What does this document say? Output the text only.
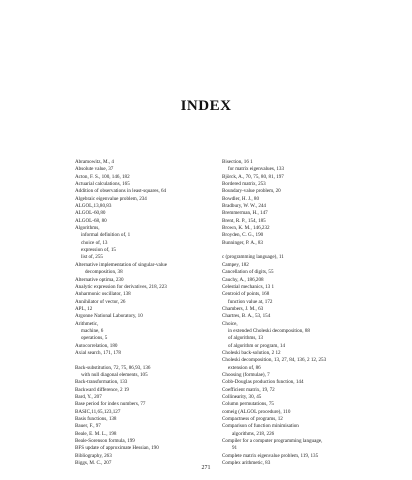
INDEX
Abramowitz, M., 4
Absolute value, 37
Acton, F. S., 100, 146, 182
Actuarial calculations, 165
Addition of observations in least-squares, 64
Algebraic eigenvalue problem, 234
ALGOL,13,80,83
ALGOL-60,80
ALGOL-68, 80
Algorithms,
informal definition of, 1
choice of, 13
expression of, 15
list of, 255
Alternative implementation of singular-value
decomposition, 38
Alternative optima, 230
Analytic expression for derivatives, 218, 223
Anharmonic oscillator, 138
Annihilator of vector, 26
APL, 12
Argonne National Laboratory, 10
Arithmetic,
machine, 6
operations, 5
Autocorrelation, 180
Axial search, 171, 178
Back-substitution, 72, 75, 86,93, 136
with null diagonal elements, 105
Back-transformation, 133
Backward difference, 2 19
Bard, Y., 207
Base period for index numbers, 77
BASIC,11,65,123,127
Basis functions, 138
Bauer, F., 97
Beale, E. M. L., 198
Beale-Sorenson formula, 199
BFS update of approximate Hessian, 190
Bibliography, 263
Biggs, M. C., 207
Bisection, 16 1
for matrix eigenvalues, 133
Björck, A., 70, 75, 80, 81, 197
Bordered matrix, 253
Boundary-value problem, 20
Bowdler, H. J., 80
Bradbury, W. W., 244
Bremmerman, H., 147
Brent, R. P., 154, 185
Brown, K. M., 146,232
Broyden, C. G., 190
Bunninger, P. A., 83
c (programming language), 11
Campey, 182
Cancellation of digits, 55
Cauchy, A., 186,208
Celestial mechanics, 13 1
Centroid of points, 168
function value at, 172
Chambers, J. M., 63
Chartres, B. A., 53, 154
Choice,
in extended Choleski decomposition, 88
of algorithms, 13
of algorithm or program, 14
Choleski back-solution, 2 12
Choleski decomposition, 13, 27, 84, 136, 2 12, 253
extension of, 86
Choosing (formulae), 7
Cobb-Douglas production function, 144
Coefficient matrix, 19, 72
Collinearity, 30, 45
Column permutations, 75
comeig (ALGOL procedure), 110
Compactness of programs, 12
Comparison of function minimisation
algorithms, 218, 226
Compiler for a computer programming language,
91
Complete matrix eigenvalue problem, 119, 135
Complex arithmetic, 83
271
